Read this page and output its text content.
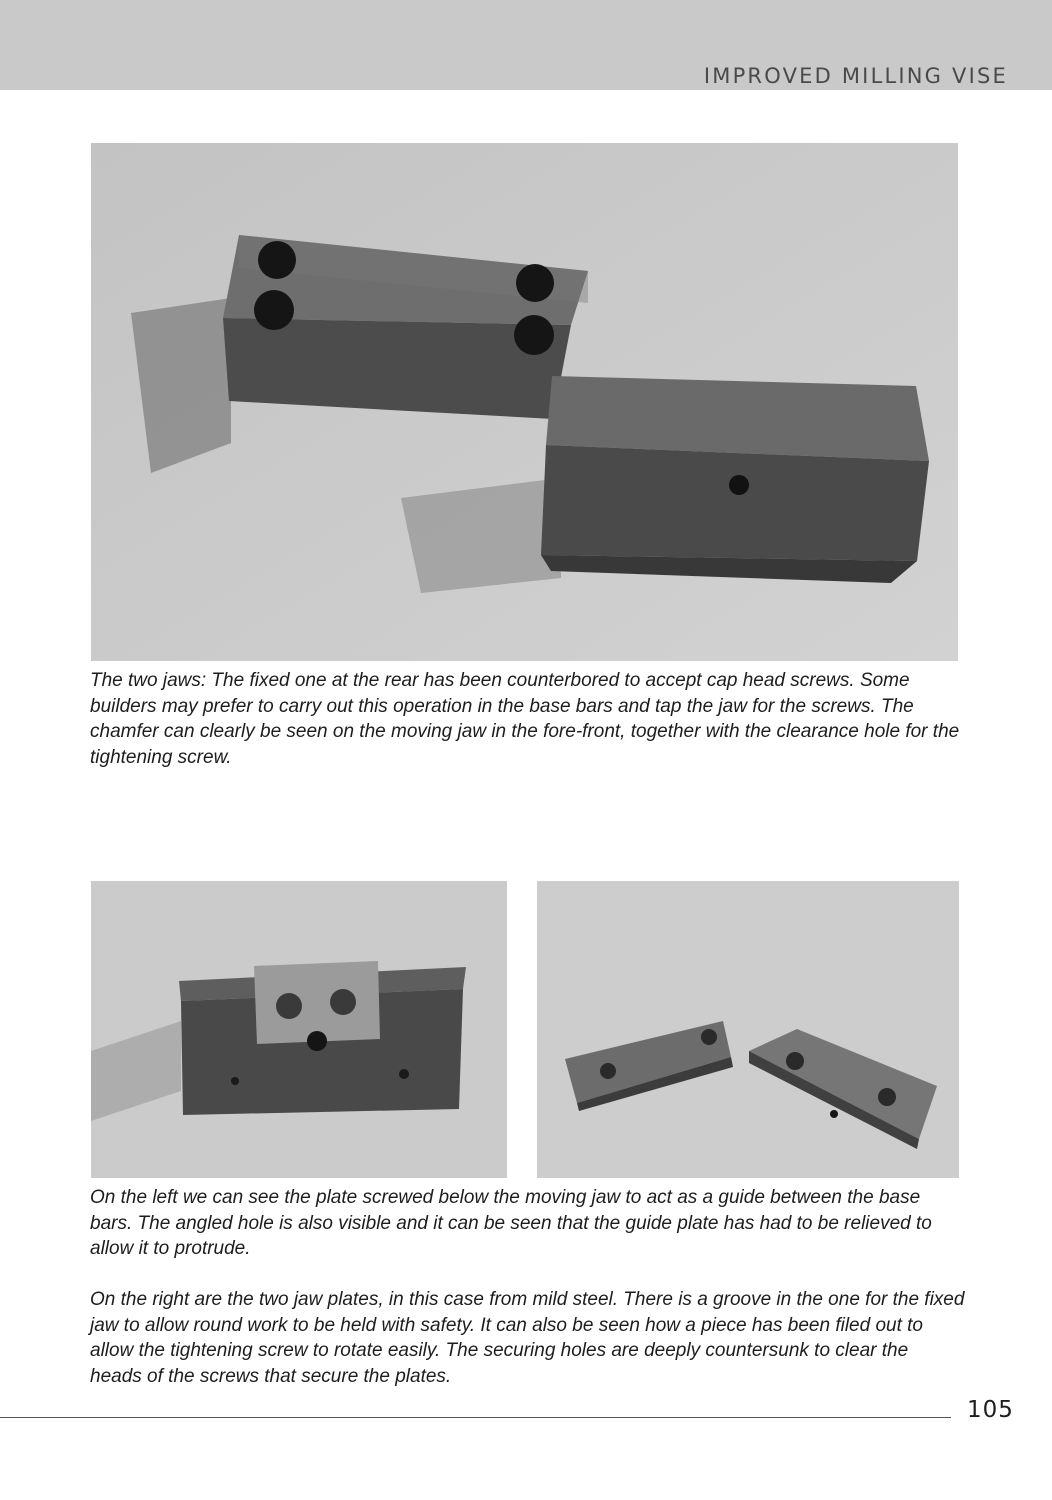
IMPROVED MILLING VISE

The two jaws: The fixed one at the rear has been counterbored to accept cap head screws. Some builders may prefer to carry out this operation in the base bars and tap the jaw for the screws. The chamfer can clearly be seen on the moving jaw in the fore-front, together with the clearance hole for the tightening screw.

On the left we can see the plate screwed below the moving jaw to act as a guide between the base bars. The angled hole is also visible and it can be seen that the guide plate has had to be relieved to allow it to protrude.

On the right are the two jaw plates, in this case from mild steel. There is a groove in the one for the fixed jaw to allow round work to be held with safety. It can also be seen how a piece has been filed out to allow the tightening screw to rotate easily. The securing holes are deeply countersunk to clear the heads of the screws that secure the plates.

105
